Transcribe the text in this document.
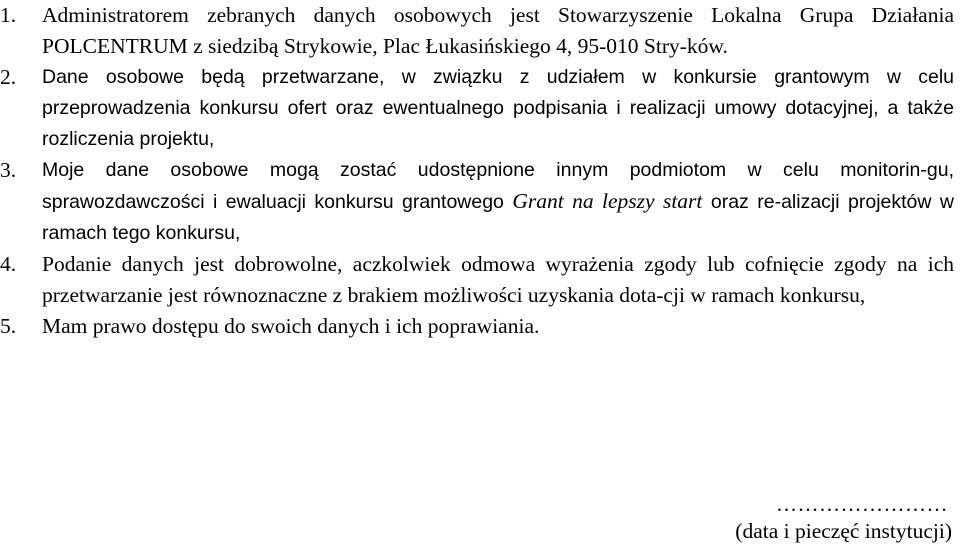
1.	Administratorem zebranych danych osobowych jest Stowarzyszenie Lokalna Grupa Działania POLCENTRUM z siedzibą Strykowie, Plac Łukasińskiego 4, 95-010 Stry-ków.
2.	Dane osobowe będą przetwarzane, w związku z udziałem w konkursie grantowym w celu przeprowadzenia konkursu ofert oraz ewentualnego podpisania i realizacji umowy dotacyjnej, a także rozliczenia projektu,
3.	Moje dane osobowe mogą zostać udostępnione innym podmiotom w celu monitorin-gu, sprawozdawczości i ewaluacji konkursu grantowego Grant na lepszy start oraz re-alizacji projektów w ramach tego konkursu,
4.	Podanie danych jest dobrowolne, aczkolwiek odmowa wyrażenia zgody lub cofnięcie zgody na ich przetwarzanie jest równoznaczne z brakiem możliwości uzyskania dota-cji w ramach konkursu,
5.	Mam prawo dostępu do swoich danych i ich poprawiania.
……………………
(data i pieczęć instytucji)
